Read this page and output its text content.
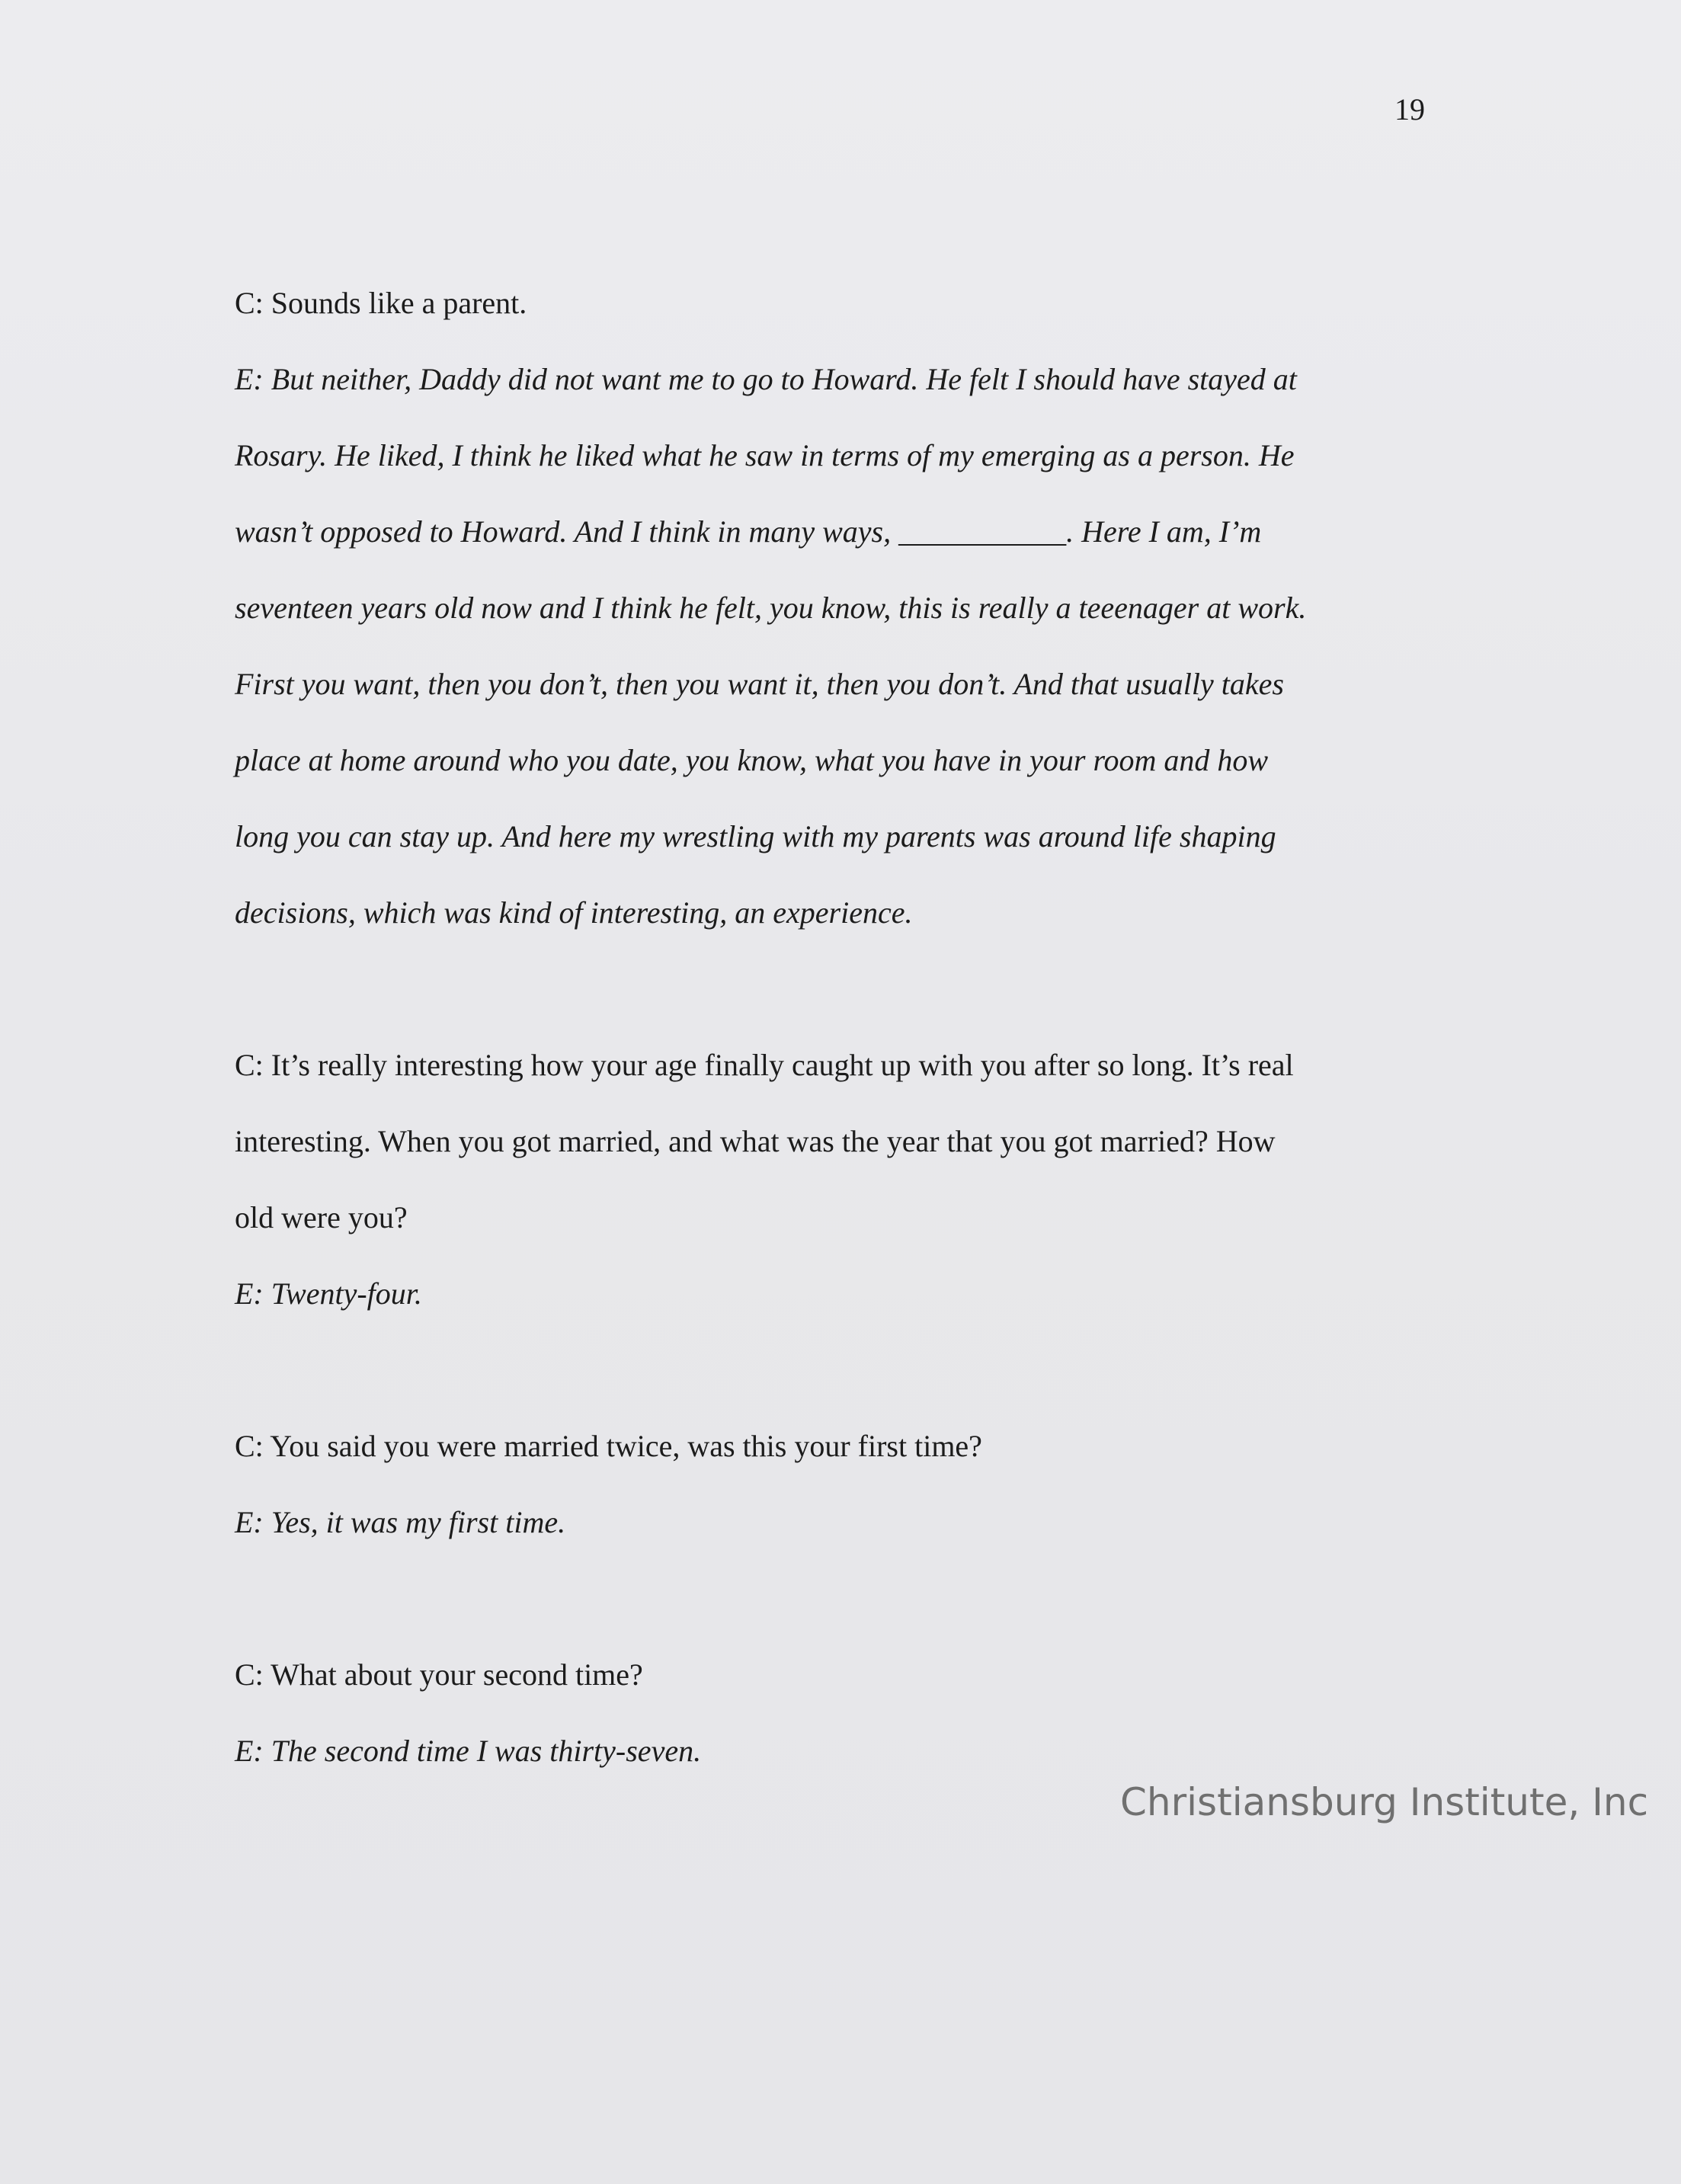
19
C: Sounds like a parent.
E: But neither, Daddy did not want me to go to Howard. He felt I should have stayed at
Rosary. He liked, I think he liked what he saw in terms of my emerging as a person. He
wasn’t opposed to Howard. And I think in many ways, ___________. Here I am, I’m
seventeen years old now and I think he felt, you know, this is really a teeenager at work.
First you want, then you don’t, then you want it, then you don’t. And that usually takes
place at home around who you date, you know, what you have in your room and how
long you can stay up. And here my wrestling with my parents was around life shaping
decisions, which was kind of interesting, an experience.
C: It’s really interesting how your age finally caught up with you after so long. It’s real
interesting. When you got married, and what was the year that you got married? How
old were you?
E: Twenty-four.
C: You said you were married twice, was this your first time?
E: Yes, it was my first time.
C: What about your second time?
E: The second time I was thirty-seven.
Christiansburg Institute, Inc
